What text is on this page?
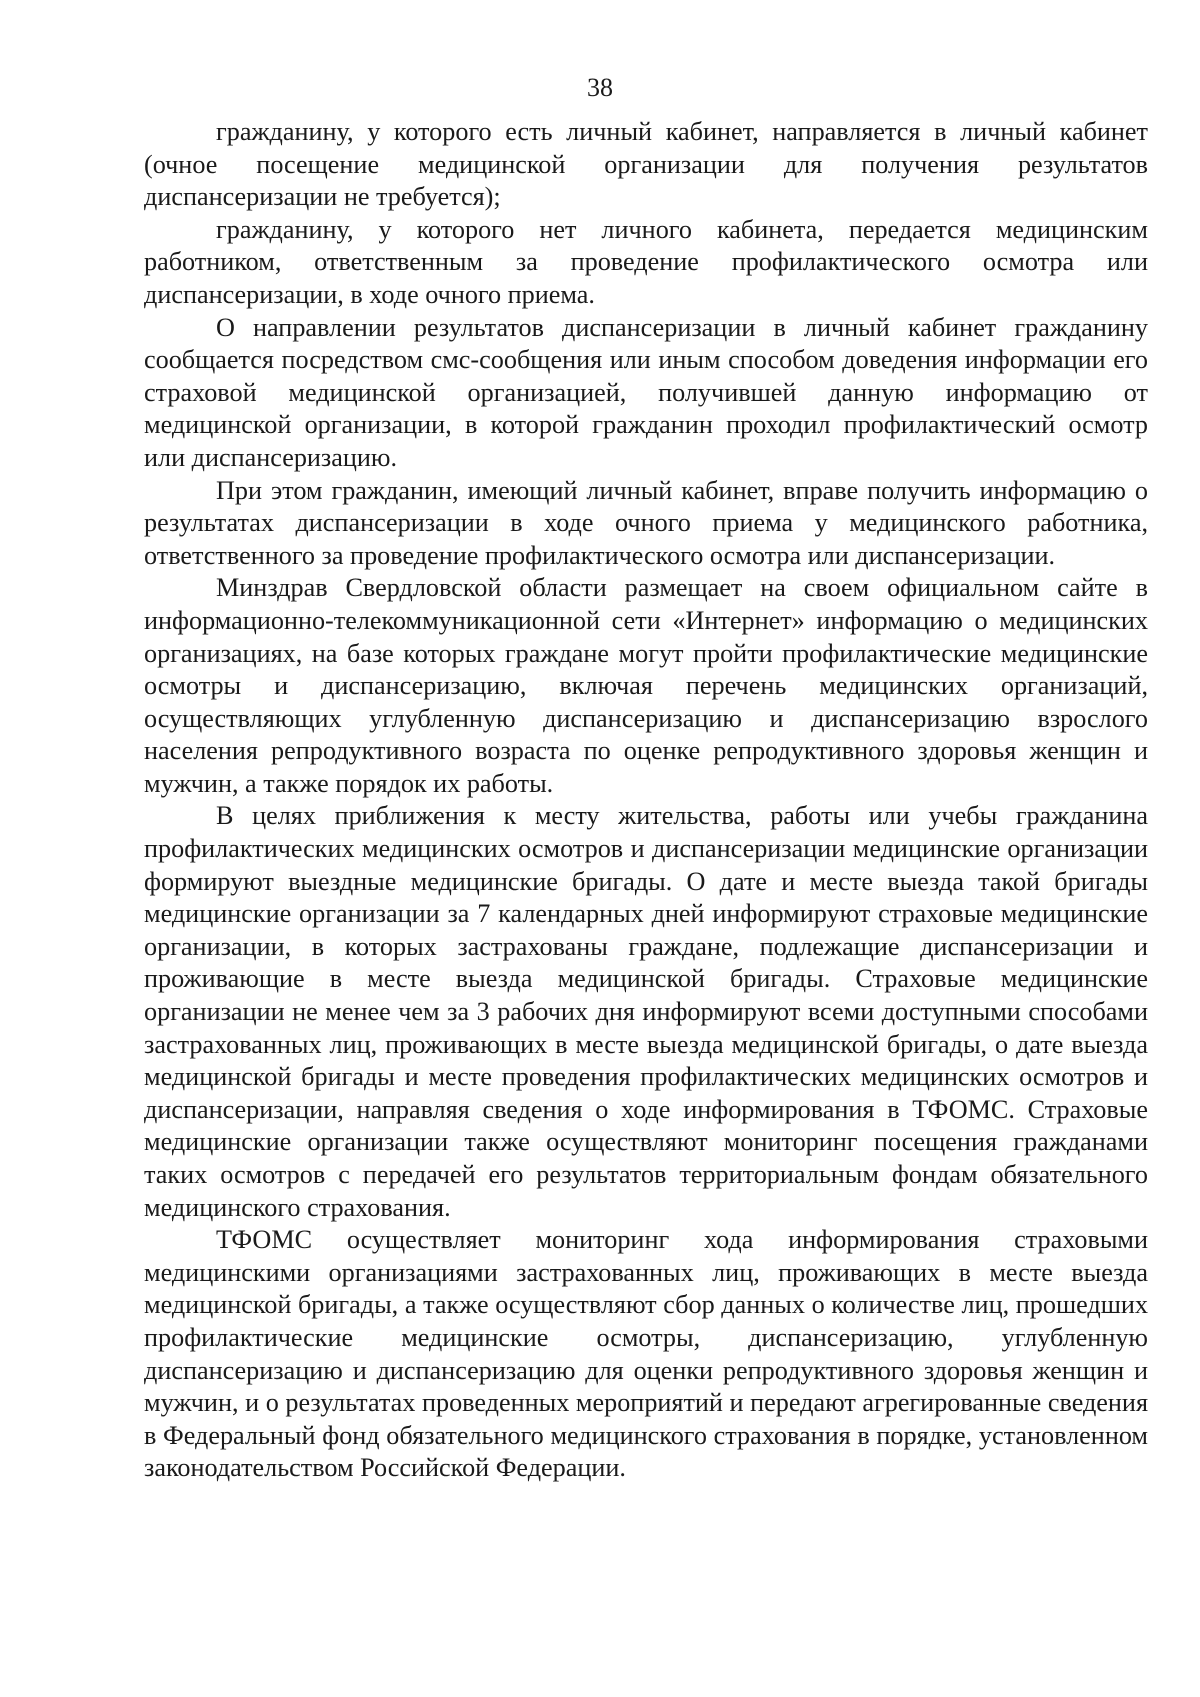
38

гражданину, у которого есть личный кабинет, направляется в личный кабинет (очное посещение медицинской организации для получения результатов диспансеризации не требуется);

гражданину, у которого нет личного кабинета, передается медицинским работником, ответственным за проведение профилактического осмотра или диспансеризации, в ходе очного приема.

О направлении результатов диспансеризации в личный кабинет гражданину сообщается посредством смс-сообщения или иным способом доведения информации его страховой медицинской организацией, получившей данную информацию от медицинской организации, в которой гражданин проходил профилактический осмотр или диспансеризацию.

При этом гражданин, имеющий личный кабинет, вправе получить информацию о результатах диспансеризации в ходе очного приема у медицинского работника, ответственного за проведение профилактического осмотра или диспансеризации.

Минздрав Свердловской области размещает на своем официальном сайте в информационно-телекоммуникационной сети «Интернет» информацию о медицинских организациях, на базе которых граждане могут пройти профилактические медицинские осмотры и диспансеризацию, включая перечень медицинских организаций, осуществляющих углубленную диспансеризацию и диспансеризацию взрослого населения репродуктивного возраста по оценке репродуктивного здоровья женщин и мужчин, а также порядок их работы.

В целях приближения к месту жительства, работы или учебы гражданина профилактических медицинских осмотров и диспансеризации медицинские организации формируют выездные медицинские бригады. О дате и месте выезда такой бригады медицинские организации за 7 календарных дней информируют страховые медицинские организации, в которых застрахованы граждане, подлежащие диспансеризации и проживающие в месте выезда медицинской бригады. Страховые медицинские организации не менее чем за 3 рабочих дня информируют всеми доступными способами застрахованных лиц, проживающих в месте выезда медицинской бригады, о дате выезда медицинской бригады и месте проведения профилактических медицинских осмотров и диспансеризации, направляя сведения о ходе информирования в ТФОМС. Страховые медицинские организации также осуществляют мониторинг посещения гражданами таких осмотров с передачей его результатов территориальным фондам обязательного медицинского страхования.

ТФОМС осуществляет мониторинг хода информирования страховыми медицинскими организациями застрахованных лиц, проживающих в месте выезда медицинской бригады, а также осуществляют сбор данных о количестве лиц, прошедших профилактические медицинские осмотры, диспансеризацию, углубленную диспансеризацию и диспансеризацию для оценки репродуктивного здоровья женщин и мужчин, и о результатах проведенных мероприятий и передают агрегированные сведения в Федеральный фонд обязательного медицинского страхования в порядке, установленном законодательством Российской Федерации.
